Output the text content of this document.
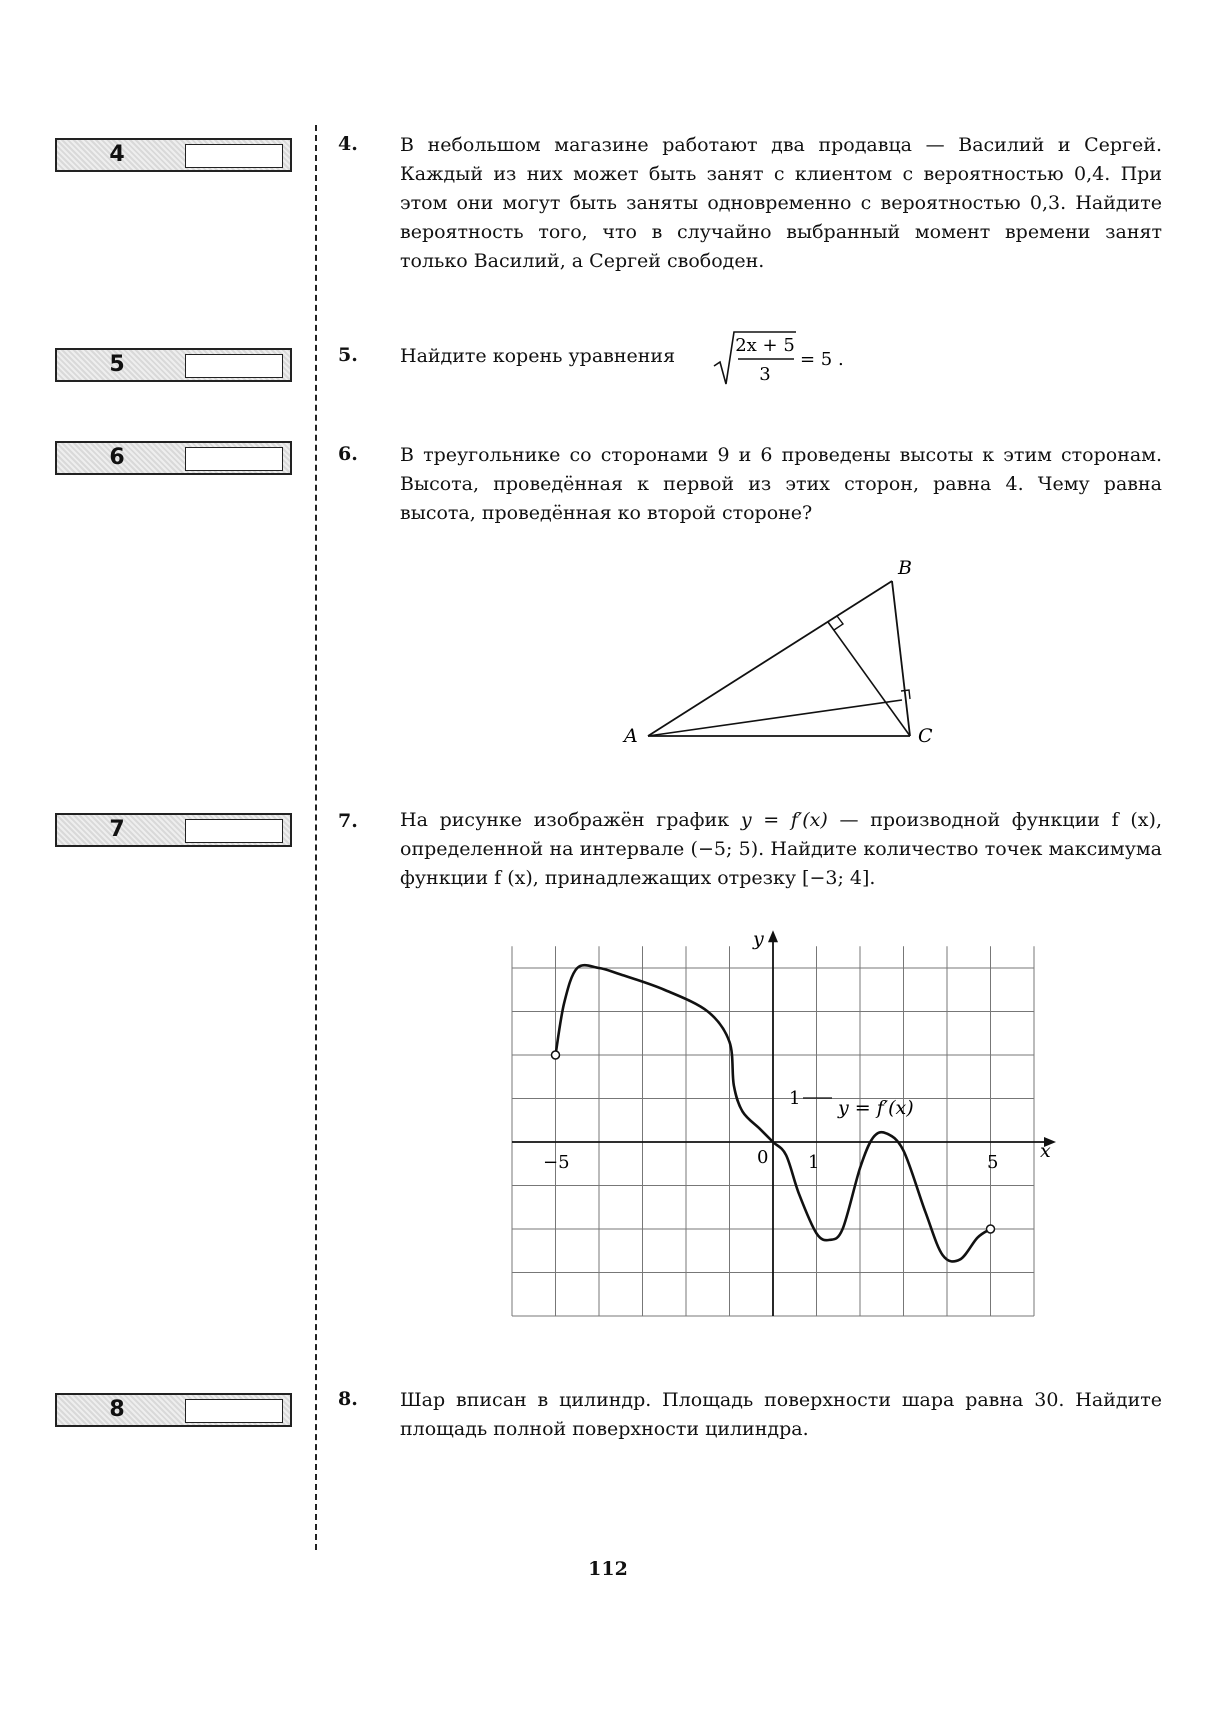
4
5
6
7
8
4. В небольшом магазине работают два продавца — Василий и Сергей. Каждый из них может быть занят с клиентом с вероятностью 0,4. При этом они могут быть заняты одновременно с вероятностью 0,3. Найдите вероятность того, что в случайно выбранный момент времени занят только Василий, а Сергей свободен.

5. Найдите корень уравнения	2x + 5
3
= 5 .
6. В треугольнике со сторонами 9 и 6 проведены высоты к этим сторонам. Высота, проведённая к первой из этих сторон, равна 4. Чему равна высота, проведённая ко второй стороне?

B
A	C
7. На рисунке изображён график y = f′(x) — производной функции f (x), определенной на интервале (−5; 5). Найдите количество точек максимума функции f (x), принадлежащих отрезку [−3; 4].

x
y
−5	0 1	5
1 y = f′(x)
8. Шар вписан в цилиндр. Площадь поверхности шара равна 30. Найдите площадь полной поверхности цилиндра.

112
